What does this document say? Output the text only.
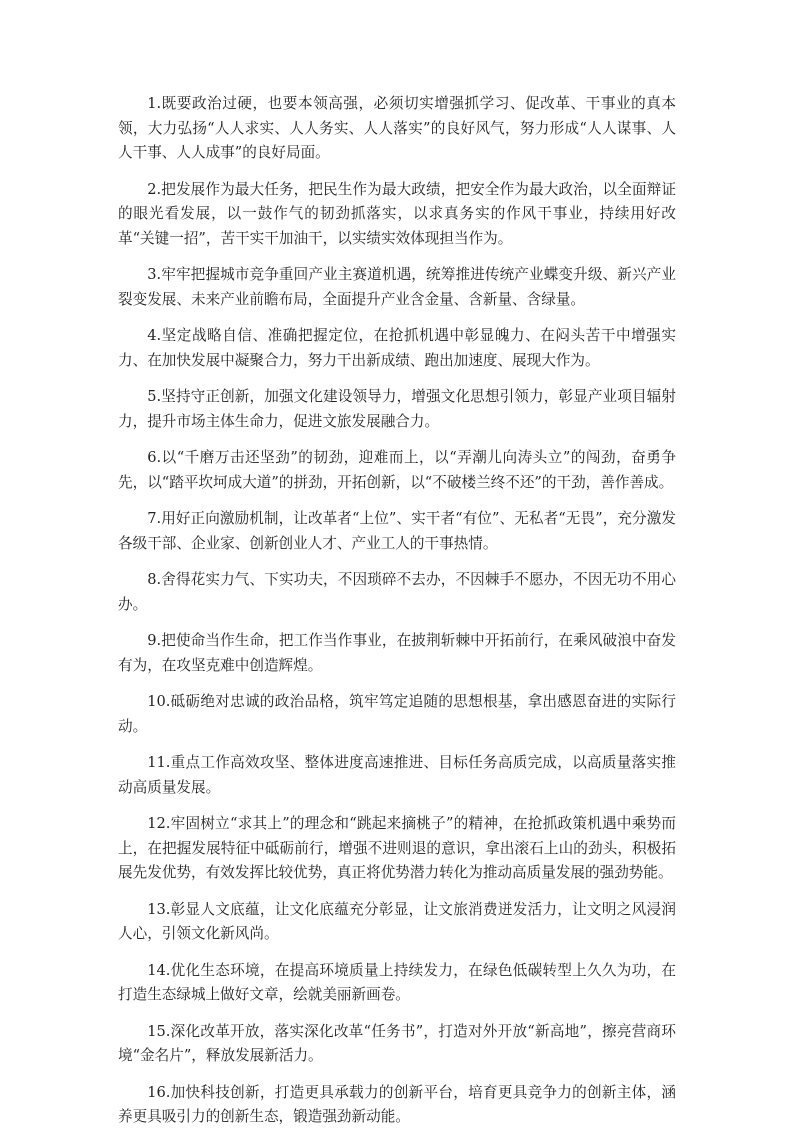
1.既要政治过硬，也要本领高强，必须切实增强抓学习、促改革、干事业的真本领，大力弘扬“人人求实、人人务实、人人落实”的良好风气，努力形成“人人谋事、人人干事、人人成事”的良好局面。

2.把发展作为最大任务，把民生作为最大政绩，把安全作为最大政治，以全面辩证的眼光看发展，以一鼓作气的韧劲抓落实，以求真务实的作风干事业，持续用好改革“关键一招”，苦干实干加油干，以实绩实效体现担当作为。

3.牢牢把握城市竞争重回产业主赛道机遇，统筹推进传统产业蝶变升级、新兴产业裂变发展、未来产业前瞻布局，全面提升产业含金量、含新量、含绿量。

4.坚定战略自信、准确把握定位，在抢抓机遇中彰显魄力、在闷头苦干中增强实力、在加快发展中凝聚合力，努力干出新成绩、跑出加速度、展现大作为。

5.坚持守正创新，加强文化建设领导力，增强文化思想引领力，彰显产业项目辐射力，提升市场主体生命力，促进文旅发展融合力。

6.以“千磨万击还坚劲”的韧劲，迎难而上，以“弄潮儿向涛头立”的闯劲，奋勇争先，以“踏平坎坷成大道”的拼劲，开拓创新，以“不破楼兰终不还”的干劲，善作善成。

7.用好正向激励机制，让改革者“上位”、实干者“有位”、无私者“无畏”，充分激发各级干部、企业家、创新创业人才、产业工人的干事热情。

8.舍得花实力气、下实功夫，不因琐碎不去办，不因棘手不愿办，不因无功不用心办。

9.把使命当作生命，把工作当作事业，在披荆斩棘中开拓前行，在乘风破浪中奋发有为，在攻坚克难中创造辉煌。

10.砥砺绝对忠诚的政治品格，筑牢笃定追随的思想根基，拿出感恩奋进的实际行动。

11.重点工作高效攻坚、整体进度高速推进、目标任务高质完成，以高质量落实推动高质量发展。

12.牢固树立“求其上”的理念和“跳起来摘桃子”的精神，在抢抓政策机遇中乘势而上，在把握发展特征中砥砺前行，增强不进则退的意识，拿出滚石上山的劲头，积极拓展先发优势，有效发挥比较优势，真正将优势潜力转化为推动高质量发展的强劲势能。

13.彰显人文底蕴，让文化底蕴充分彰显，让文旅消费迸发活力，让文明之风浸润人心，引领文化新风尚。

14.优化生态环境，在提高环境质量上持续发力，在绿色低碳转型上久久为功，在打造生态绿城上做好文章，绘就美丽新画卷。

15.深化改革开放，落实深化改革“任务书”，打造对外开放“新高地”，擦亮营商环境“金名片”，释放发展新活力。

16.加快科技创新，打造更具承载力的创新平台，培育更具竞争力的创新主体，涵养更具吸引力的创新生态，锻造强劲新动能。
